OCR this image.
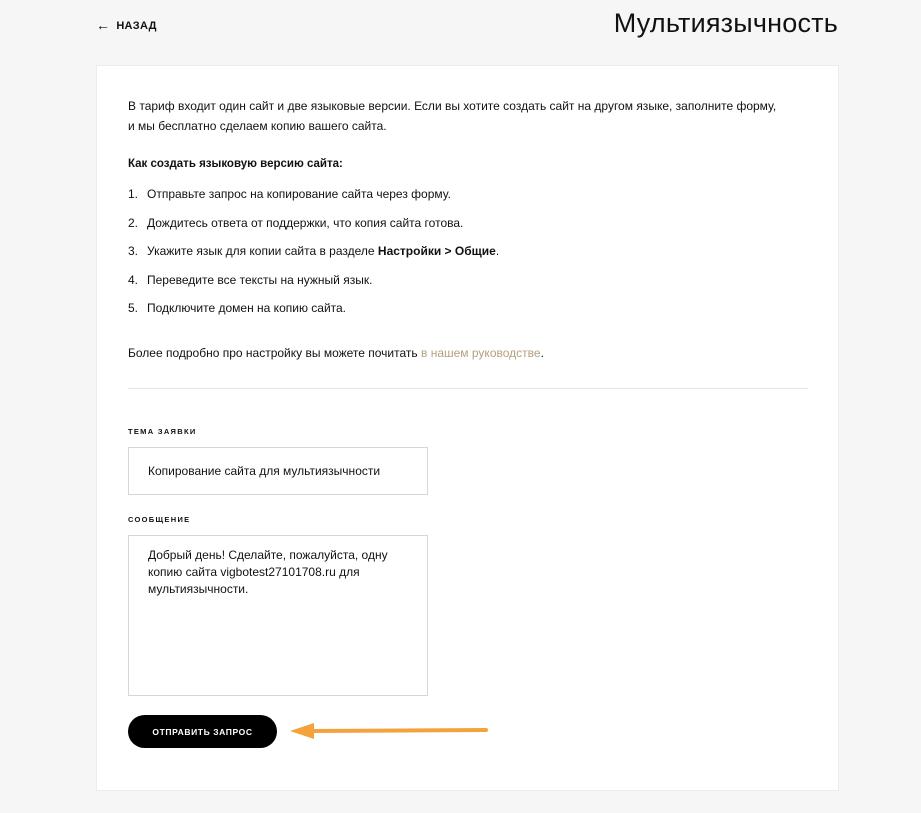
← НАЗАД	Мультиязычность

В тариф входит один сайт и две языковые версии. Если вы хотите создать сайт на другом языке, заполните форму,
и мы бесплатно сделаем копию вашего сайта.

Как создать языковую версию сайта:
1. Отправьте запрос на копирование сайта через форму.
2. Дождитесь ответа от поддержки, что копия сайта готова.
3. Укажите язык для копии сайта в разделе Настройки > Общие.
4. Переведите все тексты на нужный язык.
5. Подключите домен на копию сайта.

Более подробно про настройку вы можете почитать в нашем руководстве.

ТЕМА ЗАЯВКИ
Копирование сайта для мультиязычности
СООБЩЕНИЕ
Добрый день! Сделайте, пожалуйста, одну копию сайта vigbotest27101708.ru для мультиязычности.
ОТПРАВИТЬ ЗАПРОС
